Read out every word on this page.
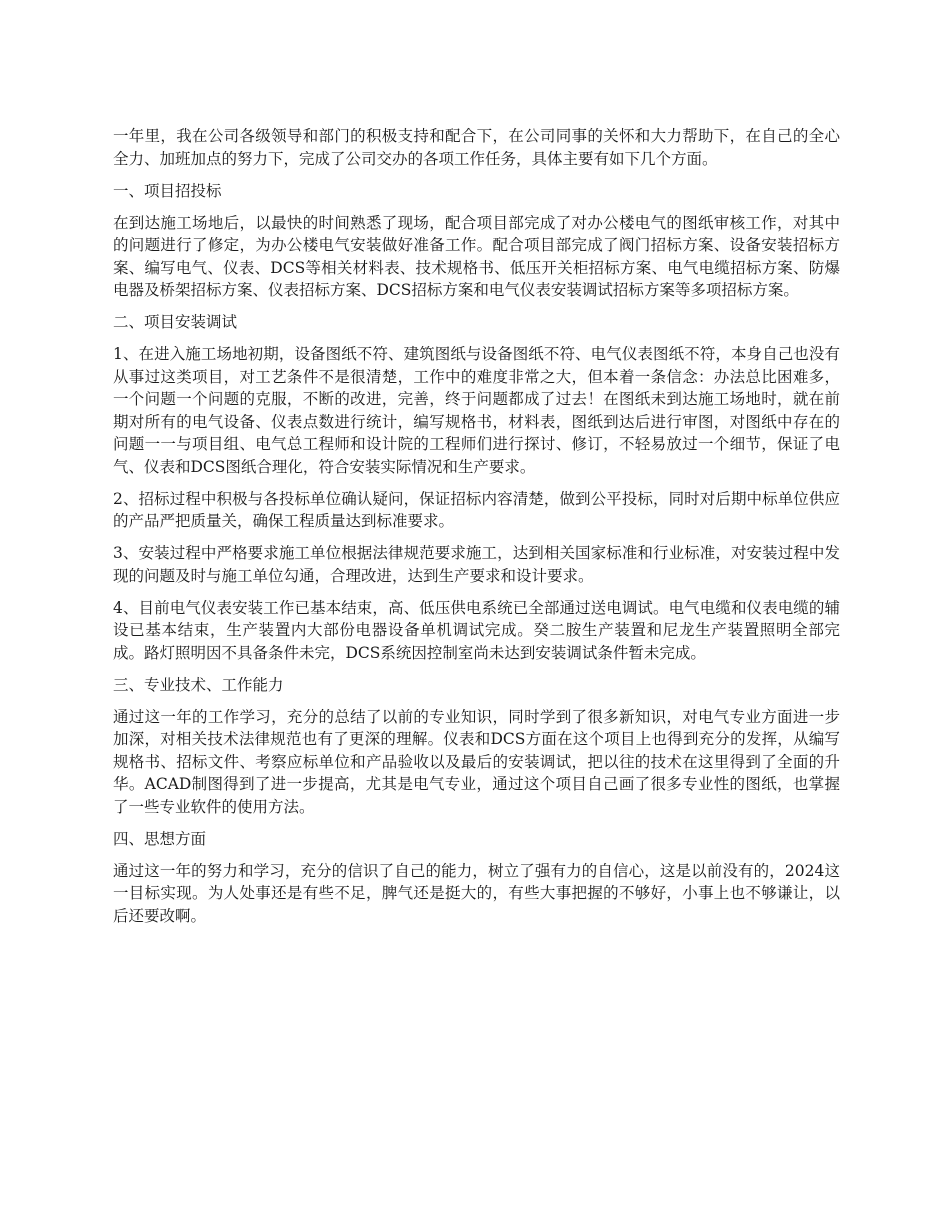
一年里，我在公司各级领导和部门的积极支持和配合下，在公司同事的关怀和大力帮助下，在自己的全心全力、加班加点的努力下，完成了公司交办的各项工作任务，具体主要有如下几个方面。

一、项目招投标

在到达施工场地后，以最快的时间熟悉了现场，配合项目部完成了对办公楼电气的图纸审核工作，对其中的问题进行了修定，为办公楼电气安装做好准备工作。配合项目部完成了阀门招标方案、设备安装招标方案、编写电气、仪表、DCS等相关材料表、技术规格书、低压开关柜招标方案、电气电缆招标方案、防爆电器及桥架招标方案、仪表招标方案、DCS招标方案和电气仪表安装调试招标方案等多项招标方案。

二、项目安装调试

1、在进入施工场地初期，设备图纸不符、建筑图纸与设备图纸不符、电气仪表图纸不符，本身自己也没有从事过这类项目，对工艺条件不是很清楚，工作中的难度非常之大，但本着一条信念：办法总比困难多，一个问题一个问题的克服，不断的改进，完善，终于问题都成了过去！在图纸未到达施工场地时，就在前期对所有的电气设备、仪表点数进行统计，编写规格书，材料表，图纸到达后进行审图，对图纸中存在的问题一一与项目组、电气总工程师和设计院的工程师们进行探讨、修订，不轻易放过一个细节，保证了电气、仪表和DCS图纸合理化，符合安装实际情况和生产要求。

2、招标过程中积极与各投标单位确认疑问，保证招标内容清楚，做到公平投标，同时对后期中标单位供应的产品严把质量关，确保工程质量达到标准要求。

3、安装过程中严格要求施工单位根据法律规范要求施工，达到相关国家标准和行业标准，对安装过程中发现的问题及时与施工单位勾通，合理改进，达到生产要求和设计要求。

4、目前电气仪表安装工作已基本结束，高、低压供电系统已全部通过送电调试。电气电缆和仪表电缆的辅设已基本结束，生产装置内大部份电器设备单机调试完成。癸二胺生产装置和尼龙生产装置照明全部完成。路灯照明因不具备条件未完，DCS系统因控制室尚未达到安装调试条件暂未完成。

三、专业技术、工作能力

通过这一年的工作学习，充分的总结了以前的专业知识，同时学到了很多新知识，对电气专业方面进一步加深，对相关技术法律规范也有了更深的理解。仪表和DCS方面在这个项目上也得到充分的发挥，从编写规格书、招标文件、考察应标单位和产品验收以及最后的安装调试，把以往的技术在这里得到了全面的升华。ACAD制图得到了进一步提高，尤其是电气专业，通过这个项目自己画了很多专业性的图纸，也掌握了一些专业软件的使用方法。

四、思想方面

通过这一年的努力和学习，充分的信识了自己的能力，树立了强有力的自信心，这是以前没有的，2024这一目标实现。为人处事还是有些不足，脾气还是挺大的，有些大事把握的不够好，小事上也不够谦让，以后还要改啊。
